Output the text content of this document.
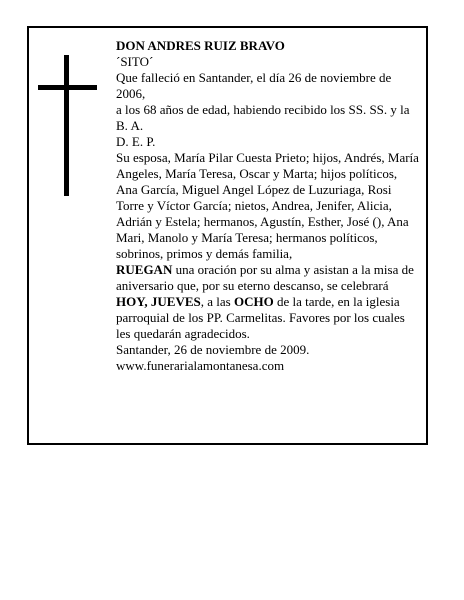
DON ANDRES RUIZ BRAVO

´SITO´

Que falleció en Santander, el día 26 de noviembre de
2006,

a los 68 años de edad, habiendo recibido los SS. SS. y la B. A.

D. E. P.

Su esposa, María Pilar Cuesta Prieto; hijos, Andrés, María Angeles, María Teresa, Oscar y Marta; hijos políticos, Ana García, Miguel Angel López de Luzuriaga, Rosi Torre y Víctor García; nietos, Andrea, Jenifer, Alicia, Adrián y Estela; hermanos, Agustín, Esther, José (), Ana Mari, Manolo y María Teresa; hermanos políticos, sobrinos, primos y demás familia,

RUEGAN una oración por su alma y asistan a la misa de aniversario que, por su eterno descanso, se celebrará HOY, JUEVES, a las OCHO de la tarde, en la iglesia parroquial de los PP. Carmelitas. Favores por los cuales les quedarán agradecidos.

Santander, 26 de noviembre de 2009.

www.funerarialamontanesa.com
